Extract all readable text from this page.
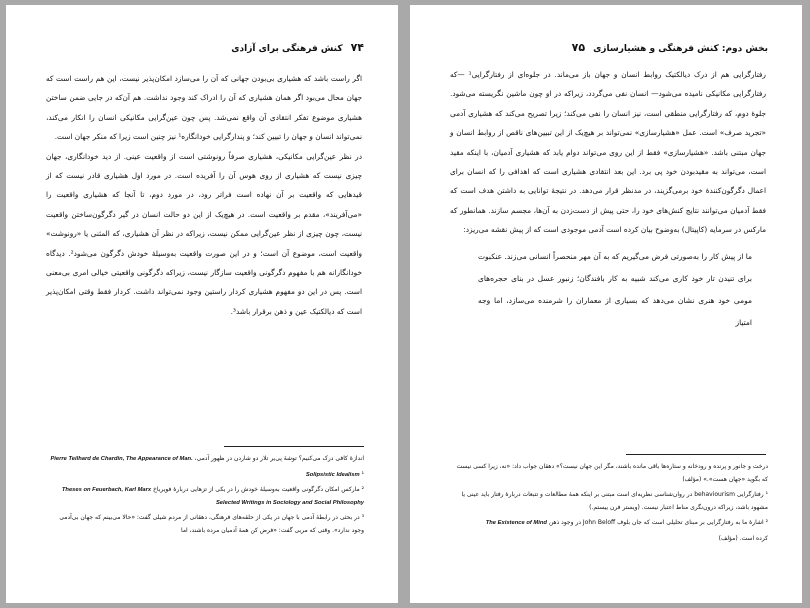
۷۴
کنش فرهنگی برای آزادی

اگر راست باشد که هشیاری بی‌بودن جهانی که آن را می‌سازد امکان‌پذیر نیست، این هم راست است که جهان محال می‌بود اگر همان هشیاری که آن را ادراک کند وجود نداشت. هم آن‌که در جایی ضمن ساختن هشیاری موضوع تفکر انتقادی آن واقع نمی‌شد. پس چون عین‌گرایی مکانیکی انسان را انکار می‌کند، نمی‌تواند انسان و جهان را تبیین کند؛ و پندارگرایی خودانگاره¹ نیز چنین است زیرا که منکر جهان است.

در نظر عین‌گرایی مکانیکی، هشیاری صرفاً رونوشتی است از واقعیت عینی. از دید خودانگاری، جهان چیزی نیست که هشیاری از روی هوس آن را آفریده است. در مورد اول هشیاری قادر نیست که از قیدهایی که واقعیت بر آن نهاده است فراتر رود، در مورد دوم، تا آنجا که هشیاری واقعیت را «می‌آفریند»، مقدم بر واقعیت است. در هیچ‌یک از این دو حالت انسان در گیر دگرگون‌ساختن واقعیت نیست، چون چیزی از نظر عین‌گرایی ممکن نیست، زیراکه در نظر آن هشیاری، که المثنی یا «رونوشت» واقعیت است، موضوع آن است؛ و در این صورت واقعیت به‌وسیلهٔ خودش دگرگون می‌شود². دیدگاه خودانگارانه هم با مفهوم دگرگونی واقعیت سازگار نیست، زیراکه دگرگونی واقعیتی خیالی امری بی‌معنی است. پس در این دو مفهوم هشیاری کردار راستین وجود نمی‌تواند داشت. کردار فقط وقتی امکان‌پذیر است که دیالکتیک عین و ذهن برقرار باشد³.

اندازهٔ کافی درک می‌کنیم؟ توشهٔ پی‌یر تلار دو شاردن در ظهور آدمی، Pierre Teilhard de Chardin, The Appearance of Man.

¹ Solipsistic Idealism

² مارکس امکان دگرگونی واقعیت به‌وسیلهٔ خودش را در یکی از تزهایی دربارهٔ فویرباخ Theses on Feuerbach, Karl Marx Selected Writings in Sociology and Social Philosophy

³ در بحثی در رابطهٔ آدمی با جهان در یکی از حلقه‌های فرهنگی، دهقانی از مردم شیلی گفت: «حالا می‌بینم که جهان بی‌آدمی وجود ندارد». وقتی که مربی گفت: «فرض کن همهٔ آدمیان مرده باشند، اما

بخش دوم: کنش فرهنگی و هشیارسازی
۷۵

رفتارگرایی هم از درک دیالکتیک روابط انسان و جهان باز می‌ماند. در جلوه‌ای از رفتارگرایی¹ —که رفتارگرایی مکانیکی نامیده می‌شود— انسان نفی می‌گردد، زیراکه در او چون ماشین نگریسته می‌شود. جلوهٔ دوم، که رفتارگرایی منطقی است، نیز انسان را نفی می‌کند؛ زیرا تصریح می‌کند که هشیاری آدمی «تجرید صرف» است. عمل «هشیارسازی» نمی‌تواند بر هیچ‌یک از این تبیین‌های ناقص از روابط انسان و جهان مبتنی باشد. «هشیارسازی» فقط از این روی می‌تواند دوام یابد که هشیاری آدمیان، با اینکه مقید است، می‌تواند به مقیدبودن خود پی برد. این بعد انتقادی هشیاری است که اهدافی را که انسان برای اعمال دگرگون‌کنندهٔ خود برمی‌گزیند، در مدنظر قرار می‌دهد. در نتیجهٔ توانایی به داشتن هدف است که فقط آدمیان می‌توانند نتایج کنش‌های خود را، حتی پیش از دست‌زدن به آن‌ها، مجسم سازند. همانطور که مارکس در سرمایه (کاپیتال) به‌وضوح بیان کرده است آدمی موجودی است که از پیش نقشه می‌ریزد:

ما از پیش کار را به‌صورتی فرض می‌گیریم که به آن مهر منحصراً انسانی می‌زند. عنکبوت برای تنیدن تار خود کاری می‌کند شبیه به کار بافندگان؛ زنبور عسل در بنای حجره‌های مومی خود هنری نشان می‌دهد که بسیاری از معماران را شرمنده می‌سازد، اما وجه امتیاز

درخت و جانور و پرنده و رودخانه و ستاره‌ها باقی مانده باشند، مگر این جهان نیست؟» دهقان جواب داد: «نه، زیرا کسی نیست که بگوید «جهان هست».» (مؤلف)

¹ رفتارگرایی behaviourism در روان‌شناسی نظریه‌ای است مبتنی بر اینکه همهٔ مطالعات و تتبعات دربارهٔ رفتار باید عینی یا مشهود باشد، زیراکه درون‌نگری مناط اعتبار نیست. (ویستر فرن ییستم.)

² اشارهٔ ما به رفتارگرایی بر مبنای تحلیلی است که جان بلوف John Beloff در وجود ذهن The Existence of Mind

کرده است. (مؤلف)
